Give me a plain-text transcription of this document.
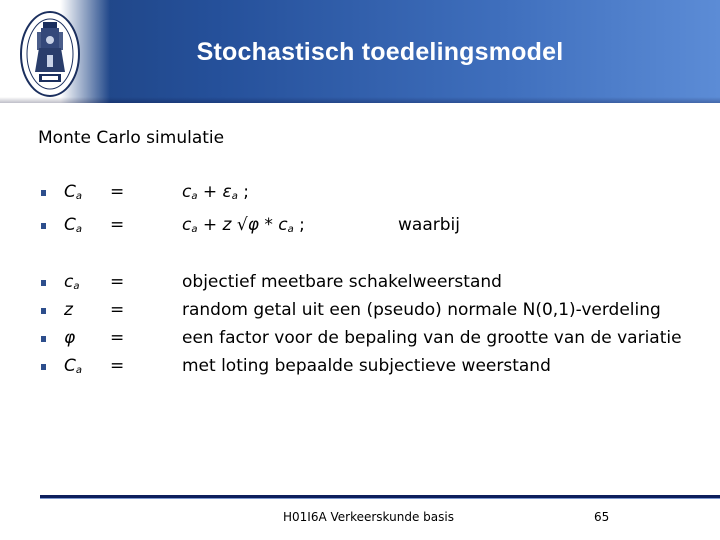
Stochastisch toedelingsmodel
Monte Carlo simulatie
$C_a$ =	$c_a + \varepsilon_a$ ;
$C_a$ =	$c_a + z$ $√\varphi * c_a$ ;	waarbij
$c_a$ =	objectief meetbare schakelweerstand
z =	random getal uit een (pseudo) normale N(0,1)-verdeling
φ =	een factor voor de bepaling van de grootte van de variatie
$C_a$ =	met loting bepaalde subjectieve weerstand
H01I6A Verkeerskunde basis	65
